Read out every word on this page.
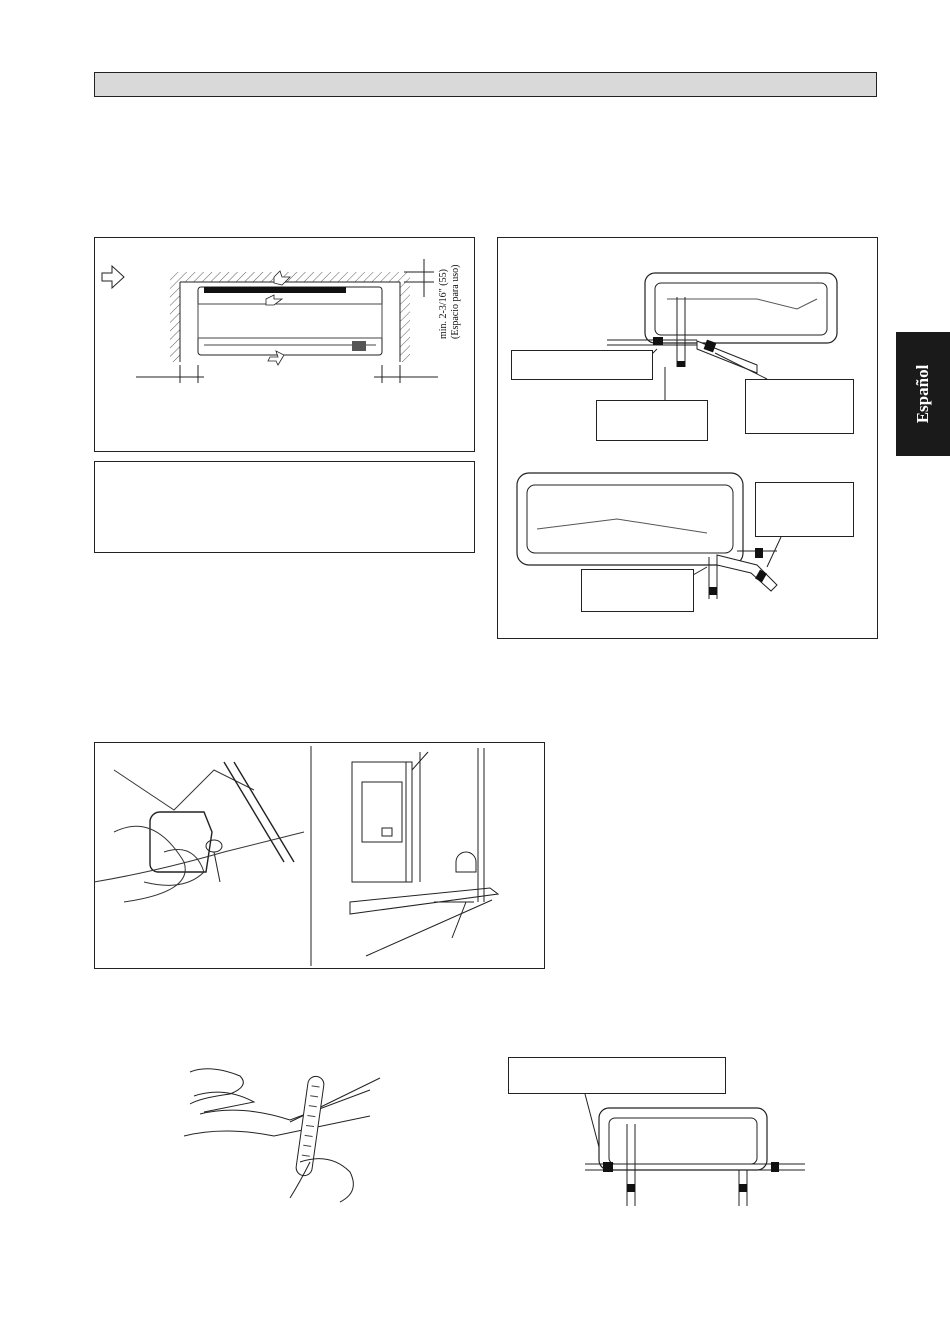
Español
min. 2-3/16" (55) (Espacio para uso)
